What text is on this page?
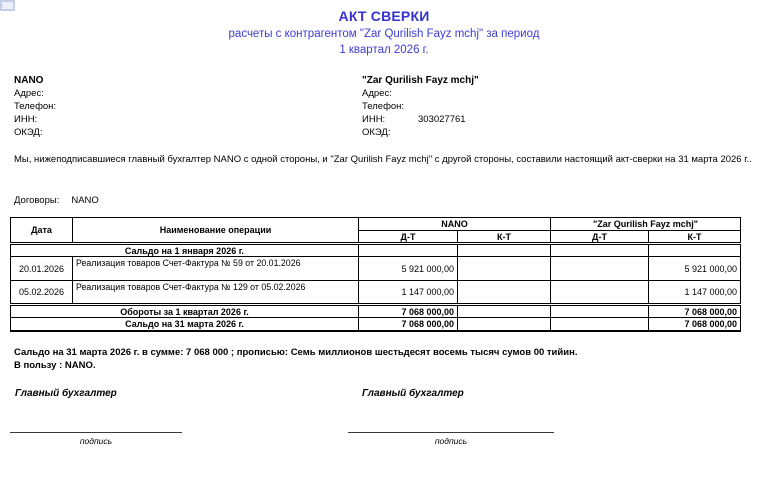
АКТ СВЕРКИ
расчеты с контрагентом "Zar Qurilish Fayz mchj" за период
1 квартал 2026 г.
NANO
Адрес:
Телефон:
ИНН:
ОКЭД:
"Zar Qurilish Fayz mchj"
Адрес:
Телефон:
ИНН:	303027761
ОКЭД:
Мы, нижеподписавшиеся главный бухгалтер NANO с одной стороны, и "Zar Qurilish Fayz mchj" с другой стороны, составили настоящий акт-сверки на 31 марта 2026 г..
Договоры: NANO
Дата	Наименование операции	NANO		"Zar Qurilish Fayz mchj"	
		Д-Т	К-Т	Д-Т	К-Т
Сальдо на 1 января 2026 г.					
20.01.2026	Реализация товаров Счет-Фактура № 59 от 20.01.2026	5 921 000,00			5 921 000,00
05.02.2026	Реализация товаров Счет-Фактура № 129 от 05.02.2026	1 147 000,00			1 147 000,00
Обороты за 1 квартал 2026 г.		7 068 000,00			7 068 000,00
Сальдо на 31 марта 2026 г.		7 068 000,00			7 068 000,00
Сальдо на 31 марта 2026 г. в сумме: 7 068 000 ; прописью: Семь миллионов шестьдесят восемь тысяч сумов 00 тийин.
В пользу : NANO.
Главный бухгалтер	Главный бухгалтер
подпись	подпись
